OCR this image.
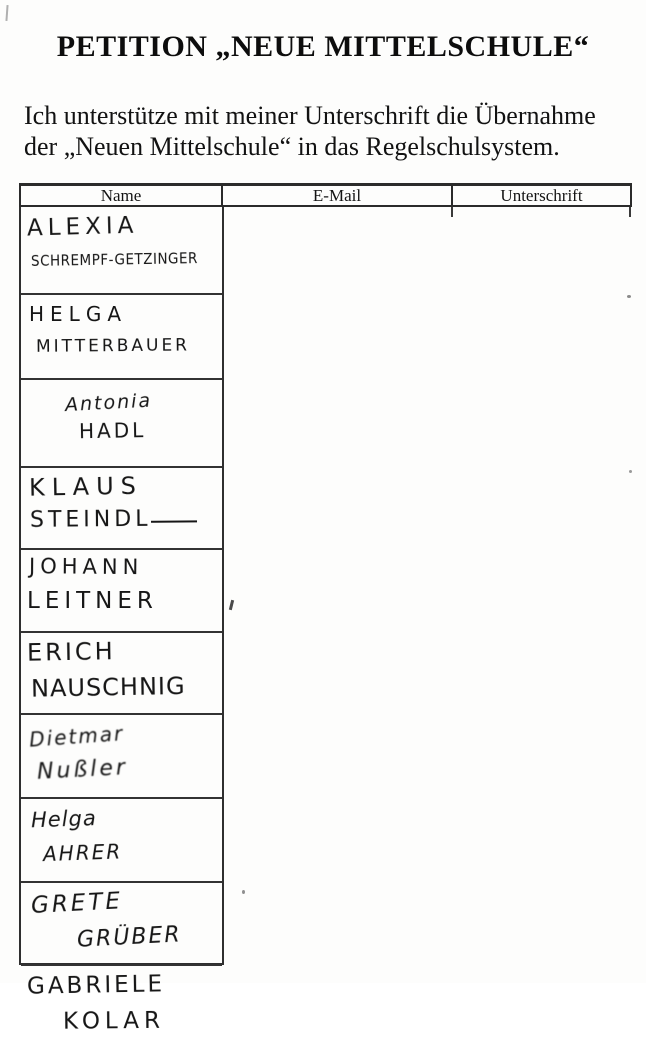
PETITION „NEUE MITTELSCHULE“
Ich unterstütze mit meiner Unterschrift die Übernahme der „Neuen Mittelschule“ in das Regelschulsystem.
Name	E-Mail	Unterschrift
ALEXIA
SCHREMPF-GETZINGER
HELGA
MITTERBAUER
Antonia
HADL
KLAUS
STEINDL
JOHANN
LEITNER
ERICH
NAUSCHNIG
Dietmar
Nußler
Helga
AHRER
GRETE
GRÜBER
GABRIELE
KOLAR
